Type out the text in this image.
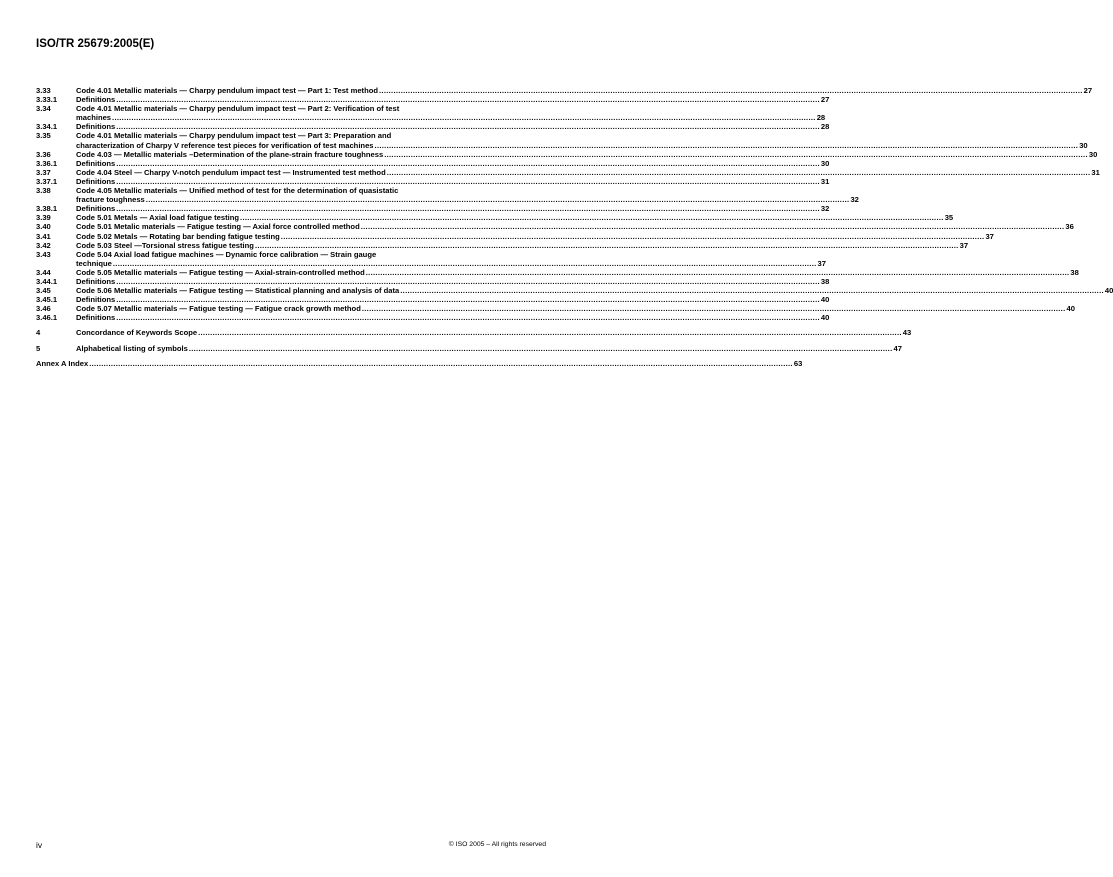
ISO/TR 25679:2005(E)
3.33	Code 4.01 Metallic materials — Charpy pendulum impact test — Part 1: Test method .....	27
3.33.1	Definitions .....	27
3.34	Code 4.01 Metallic materials — Charpy pendulum impact test — Part 2: Verification of test
machines .....	28
3.34.1	Definitions .....	28
3.35	Code 4.01 Metallic materials — Charpy pendulum impact test — Part 3: Preparation and
characterization of Charpy V reference test pieces for verification of test machines .....	30
3.36	Code 4.03 — Metallic materials –Determination of the plane-strain fracture toughness .....	30
3.36.1	Definitions .....	30
3.37	Code 4.04 Steel — Charpy V-notch pendulum impact test — Instrumented test method .....	31
3.37.1	Definitions .....	31
3.38	Code 4.05 Metallic materials — Unified method of test for the determination of quasistatic
fracture toughness .....	32
3.38.1	Definitions .....	32
3.39	Code 5.01 Metals — Axial load fatigue testing .....	35
3.40	Code 5.01 Metalic materials — Fatigue testing — Axial force controlled method .....	36
3.41	Code 5.02 Metals — Rotating bar bending fatigue testing .....	37
3.42	Code 5.03 Steel —Torsional stress fatigue testing .....	37
3.43	Code 5.04 Axial load fatigue machines — Dynamic force calibration — Strain gauge
technique .....	37
3.44	Code 5.05 Metallic materials — Fatigue testing — Axial-strain-controlled method .....	38
3.44.1	Definitions .....	38
3.45	Code 5.06 Metallic materials — Fatigue testing — Statistical planning and analysis of data .....	40
3.45.1	Definitions .....	40
3.46	Code 5.07 Metallic materials — Fatigue testing — Fatigue crack growth method .....	40
3.46.1	Definitions .....	40
4	Concordance of Keywords Scope .....	43
5	Alphabetical listing of symbols .....	47
Annex A Index .....	63
iv	© ISO 2005 – All rights reserved
